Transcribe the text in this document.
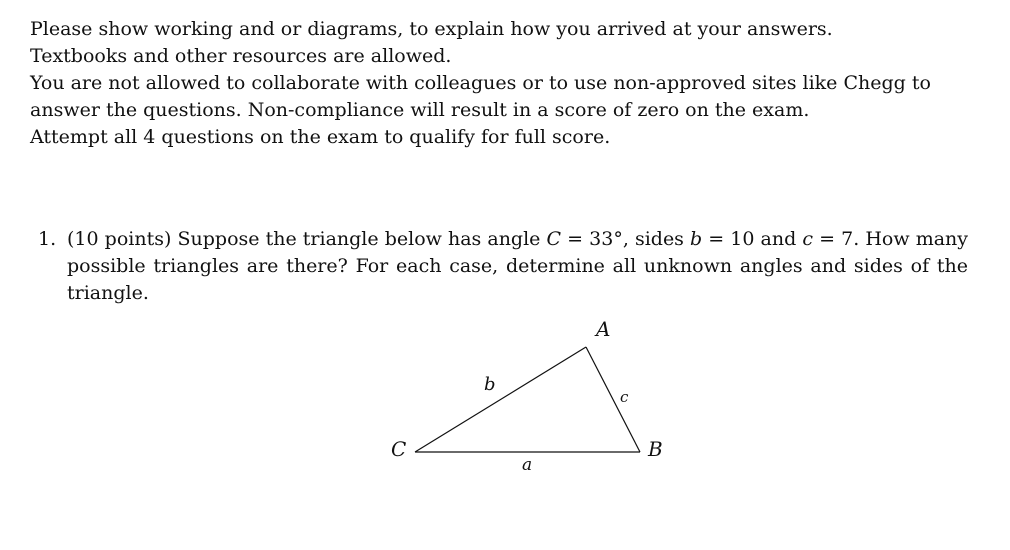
Please show working and or diagrams, to explain how you arrived at your answers.

Textbooks and other resources are allowed.

You are not allowed to collaborate with colleagues or to use non-approved sites like Chegg to answer the questions. Non-compliance will result in a score of zero on the exam.

Attempt all 4 questions on the exam to qualify for full score.

1. (10 points) Suppose the triangle below has angle C = 33°, sides b = 10 and c = 7. How many possible triangles are there? For each case, determine all unknown angles and sides of the triangle.
A
B
C
a
b
c
